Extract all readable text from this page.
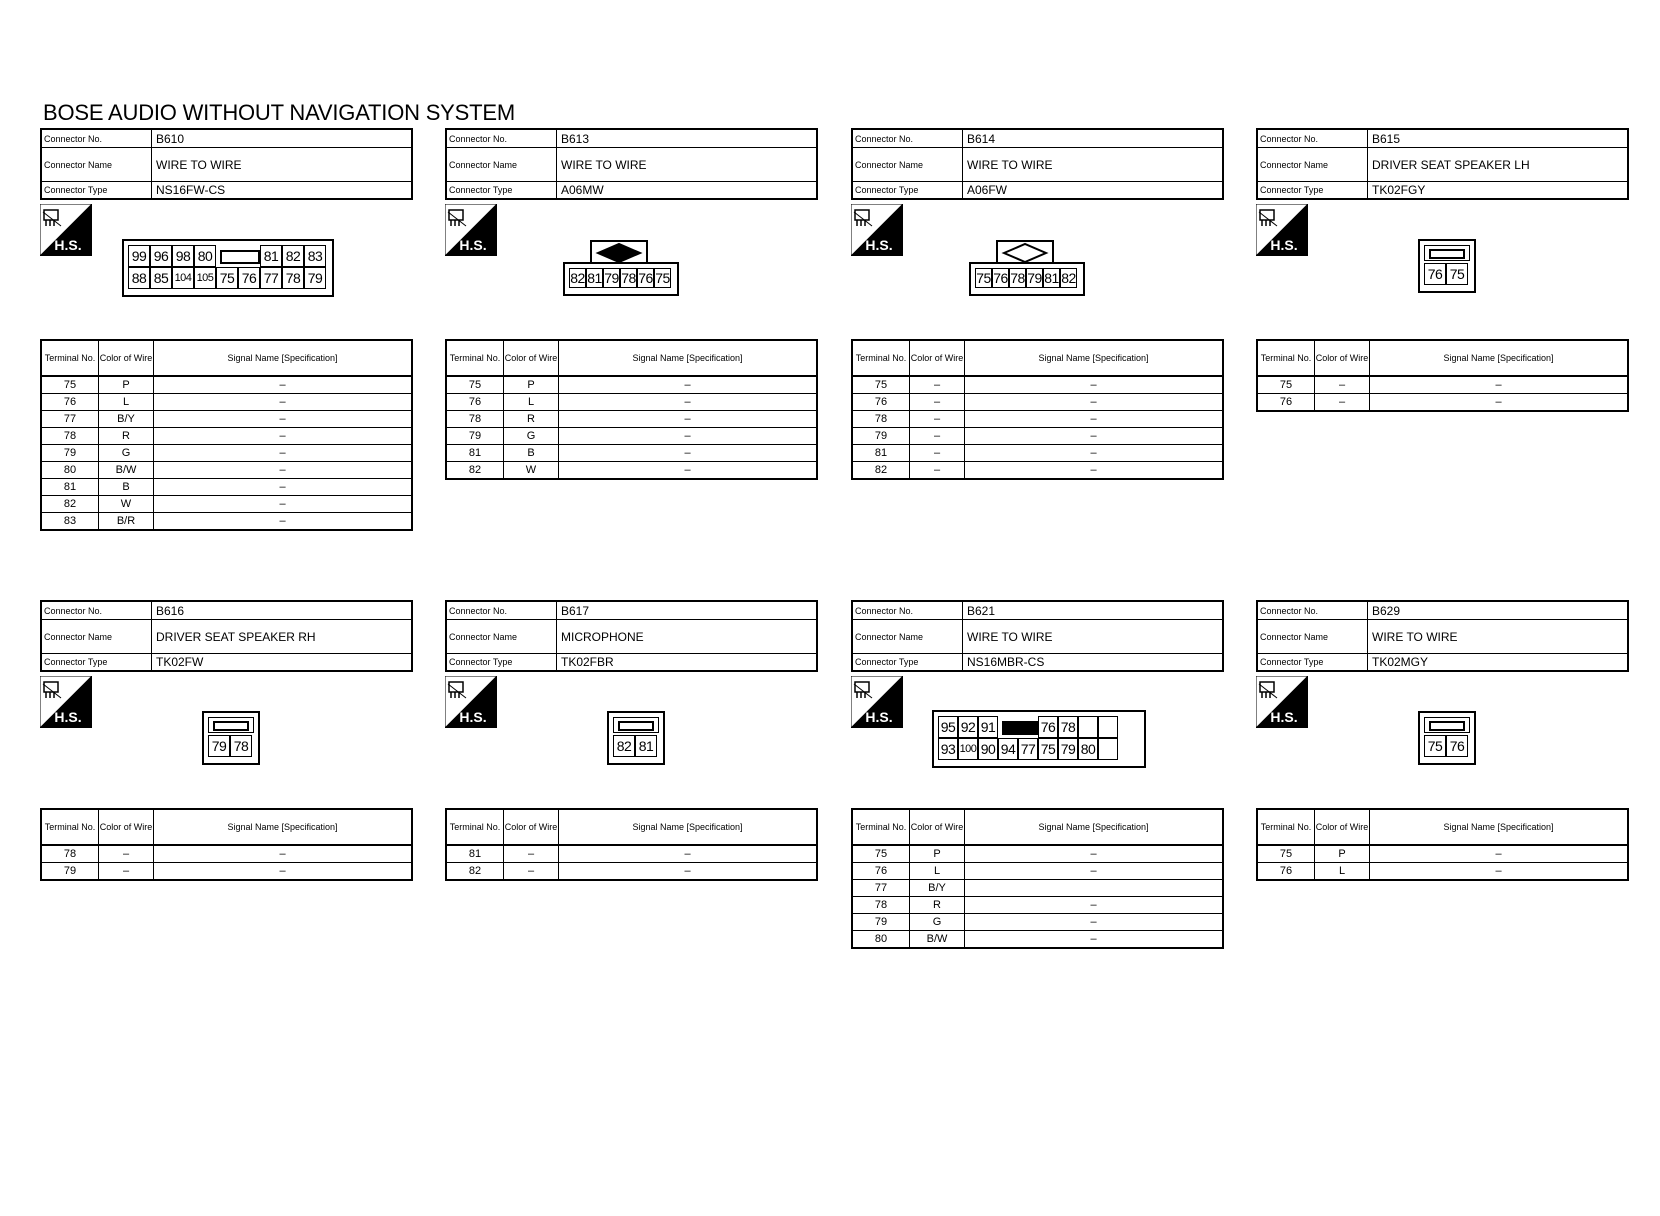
BOSE AUDIO WITHOUT NAVIGATION SYSTEM
Connector No.	B610
Connector Name	WIRE TO WIRE
Connector Type	NS16FW-CS
H.S.
99 96 98 80	81 82 83
88 85 104 105 75 76 77 78 79
Terminal No.	Color of Wire	Signal Name [Specification]
75	P	–
76	L	–
77	B/Y	–
78	R	–
79	G	–
80	B/W	–
81	B	–
82	W	–
83	B/R	–
Connector No.	B613
Connector Name	WIRE TO WIRE
Connector Type	A06MW
H.S.
82 81 79 78 76 75
Terminal No.	Color of Wire	Signal Name [Specification]
75	P	–
76	L	–
78	R	–
79	G	–
81	B	–
82	W	–
Connector No.	B614
Connector Name	WIRE TO WIRE
Connector Type	A06FW
H.S.
75 76 78 79 81 82
Terminal No.	Color of Wire	Signal Name [Specification]
75	–	–
76	–	–
78	–	–
79	–	–
81	–	–
82	–	–
Connector No.	B615
Connector Name	DRIVER SEAT SPEAKER LH
Connector Type	TK02FGY
H.S.
76 75
Terminal No.	Color of Wire	Signal Name [Specification]
75	–	–
76	–	–
Connector No.	B616
Connector Name	DRIVER SEAT SPEAKER RH
Connector Type	TK02FW
H.S.
79 78
Terminal No.	Color of Wire	Signal Name [Specification]
78	–	–
79	–	–
Connector No.	B617
Connector Name	MICROPHONE
Connector Type	TK02FBR
H.S.
82 81
Terminal No.	Color of Wire	Signal Name [Specification]
81	–	–
82	–	–
Connector No.	B621
Connector Name	WIRE TO WIRE
Connector Type	NS16MBR-CS
H.S.
95 92 91	76 78
93 100 90 94 77 75 79 80
Terminal No.	Color of Wire	Signal Name [Specification]
75	P	–
76	L	–
77	B/Y	
78	R	–
79	G	–
80	B/W	–
Connector No.	B629
Connector Name	WIRE TO WIRE
Connector Type	TK02MGY
H.S.
75 76
Terminal No.	Color of Wire	Signal Name [Specification]
75	P	–
76	L	–
